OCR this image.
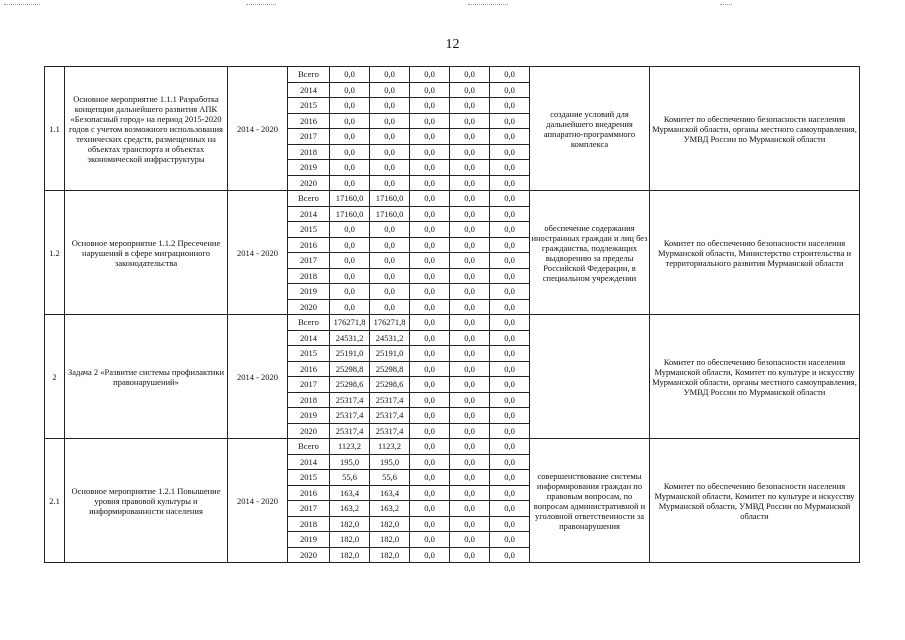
12
1.1	Основное мероприятие 1.1.1 Разработка концепции дальнейшего развития АПК «Безопасный город» на период 2015-2020 годов с учетом возможного использования технических средств, размещенных на объектах транспорта и объектах экономической инфраструктуры	2014 - 2020	Всего	0,0	0,0	0,0	0,0	0,0	создание условий для дальнейшего внедрения аппаратно-программного комплекса	Комитет по обеспечению безопасности населения Мурманской области, органы местного самоуправления, УМВД России по Мурманской области
			2014	0,0	0,0	0,0	0,0	0,0		
			2015	0,0	0,0	0,0	0,0	0,0		
			2016	0,0	0,0	0,0	0,0	0,0		
			2017	0,0	0,0	0,0	0,0	0,0		
			2018	0,0	0,0	0,0	0,0	0,0		
			2019	0,0	0,0	0,0	0,0	0,0		
			2020	0,0	0,0	0,0	0,0	0,0		
1.2	Основное мероприятие 1.1.2 Пресечение нарушений в сфере миграционного законодательства	2014 - 2020	Всего	17160,0	17160,0	0,0	0,0	0,0	обеспечение содержания иностранных граждан и лиц без гражданства, подлежащих выдворению за пределы Российской Федерации, в специальном учреждении	Комитет по обеспечению безопасности населения Мурманской области, Министерство строительства и территориального развития Мурманской области
			2014	17160,0	17160,0	0,0	0,0	0,0		
			2015	0,0	0,0	0,0	0,0	0,0		
			2016	0,0	0,0	0,0	0,0	0,0		
			2017	0,0	0,0	0,0	0,0	0,0		
			2018	0,0	0,0	0,0	0,0	0,0		
			2019	0,0	0,0	0,0	0,0	0,0		
			2020	0,0	0,0	0,0	0,0	0,0		
2	Задача 2 «Развитие системы профилактики правонарушений»	2014 - 2020	Всего	176271,8	176271,8	0,0	0,0	0,0		Комитет по обеспечению безопасности населения Мурманской области, Комитет по культуре и искусству Мурманской области, органы местного самоуправления, УМВД России по Мурманской области
			2014	24531,2	24531,2	0,0	0,0	0,0		
			2015	25191,0	25191,0	0,0	0,0	0,0		
			2016	25298,8	25298,8	0,0	0,0	0,0		
			2017	25298,6	25298,6	0,0	0,0	0,0		
			2018	25317,4	25317,4	0,0	0,0	0,0		
			2019	25317,4	25317,4	0,0	0,0	0,0		
			2020	25317,4	25317,4	0,0	0,0	0,0		
2.1	Основное мероприятие 1.2.1 Повышение уровня правовой культуры и информированности населения	2014 - 2020	Всего	1123,2	1123,2	0,0	0,0	0,0	совершенствование системы информирования граждан по правовым вопросам, по вопросам административной и уголовной ответственности за правонарушения	Комитет по обеспечению безопасности населения Мурманской области, Комитет по культуре и искусству Мурманской области, УМВД России по Мурманской области
			2014	195,0	195,0	0,0	0,0	0,0		
			2015	55,6	55,6	0,0	0,0	0,0		
			2016	163,4	163,4	0,0	0,0	0,0		
			2017	163,2	163,2	0,0	0,0	0,0		
			2018	182,0	182,0	0,0	0,0	0,0		
			2019	182,0	182,0	0,0	0,0	0,0		
			2020	182,0	182,0	0,0	0,0	0,0		
